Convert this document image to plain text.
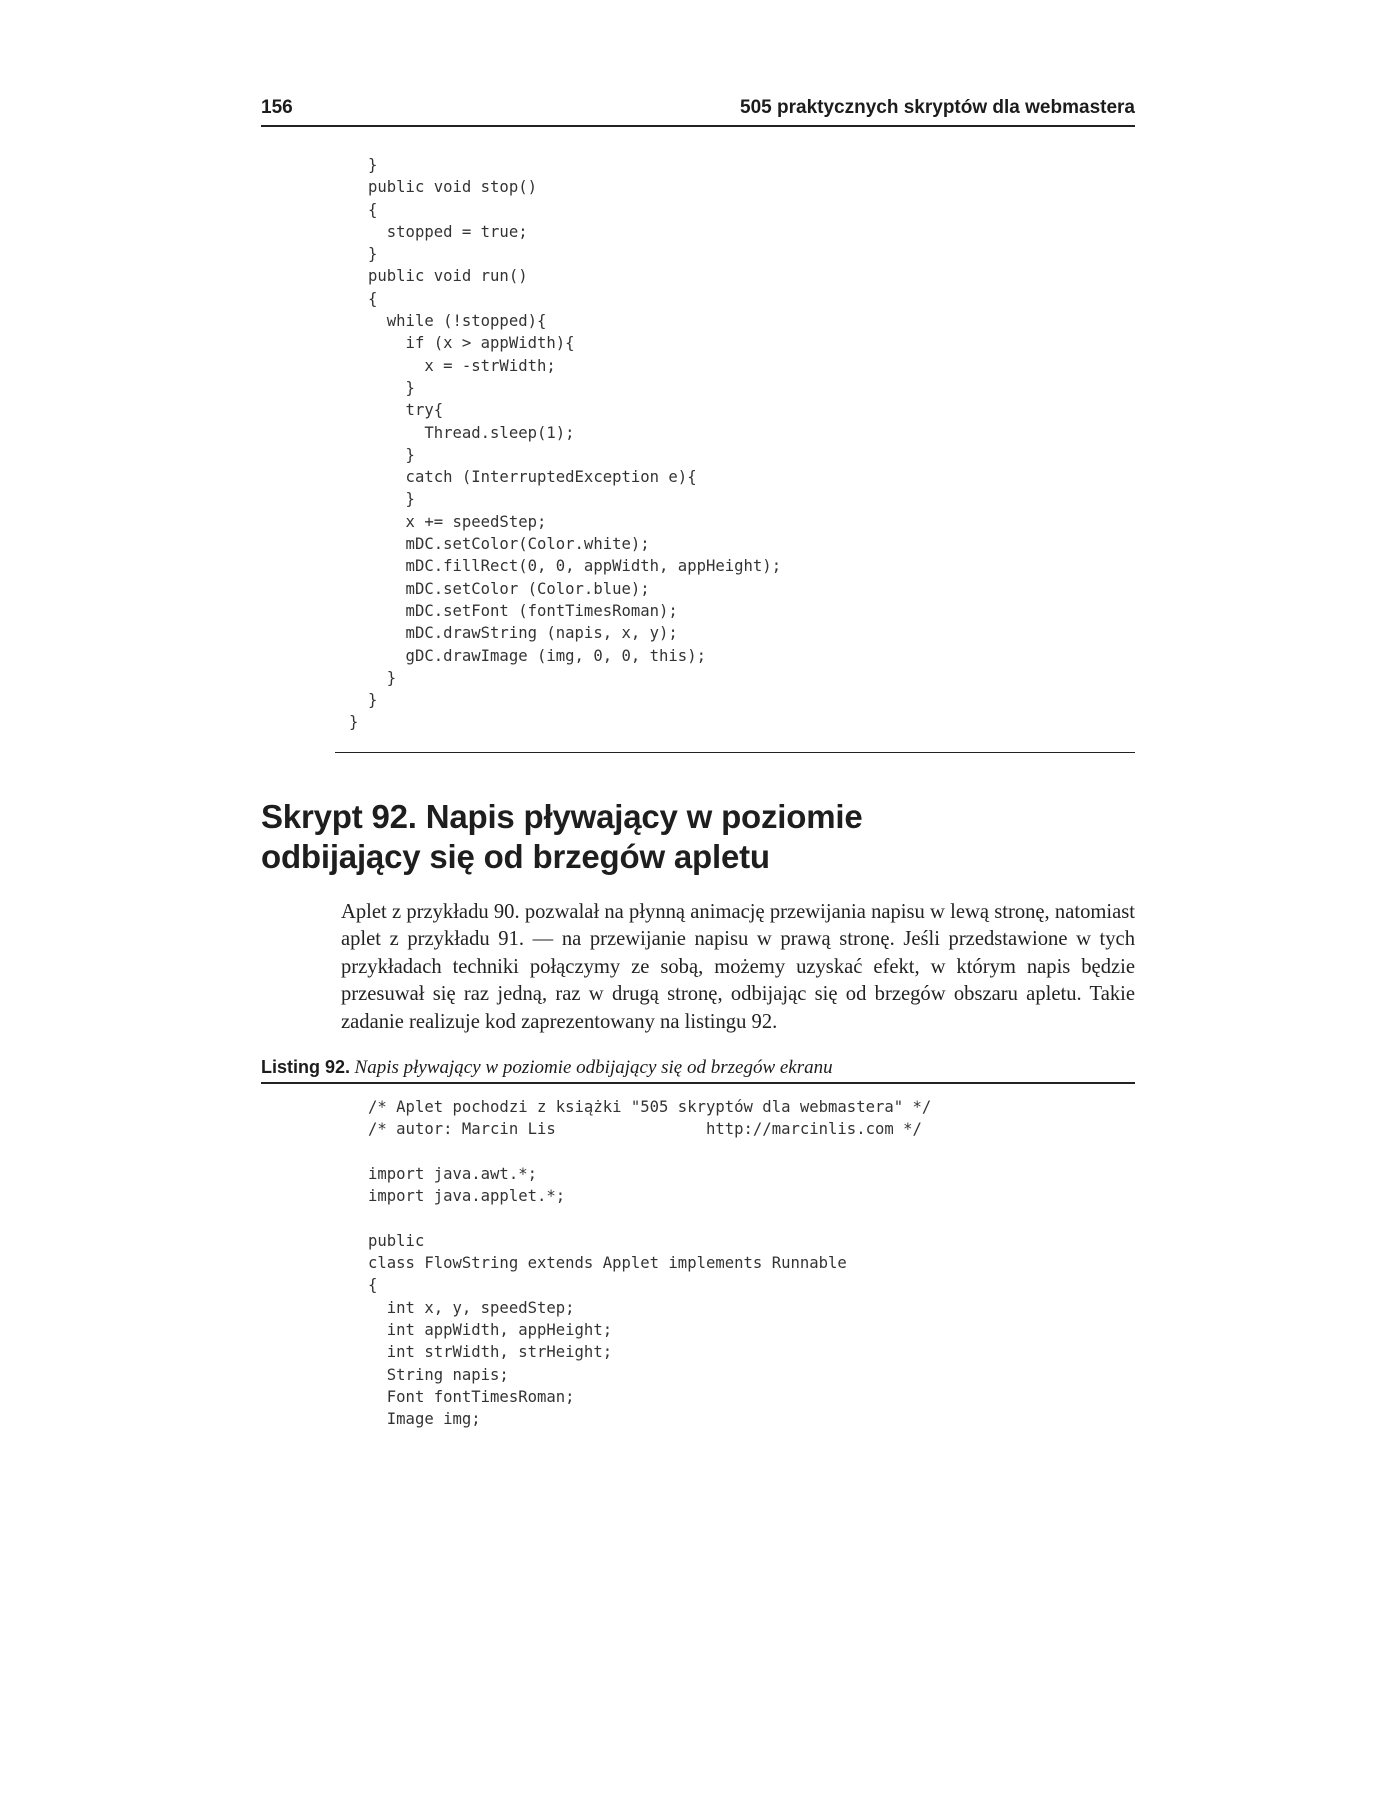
156	505 praktycznych skryptów dla webmastera
}
public void stop()
{
stopped = true;
}
public void run()
{
while (!stopped){
if (x > appWidth){
x = -strWidth;
}
try{
Thread.sleep(1);
}
catch (InterruptedException e){
}
x += speedStep;
mDC.setColor(Color.white);
mDC.fillRect(0, 0, appWidth, appHeight);
mDC.setColor (Color.blue);
mDC.setFont (fontTimesRoman);
mDC.drawString (napis, x, y);
gDC.drawImage (img, 0, 0, this);
}
}
}
Skrypt 92. Napis pływający w poziomie
odbijający się od brzegów apletu

Aplet z przykładu 90. pozwalał na płynną animację przewijania napisu w lewą stronę, natomiast aplet z przykładu 91. — na przewijanie napisu w prawą stronę. Jeśli przedstawione w tych przykładach techniki połączymy ze sobą, możemy uzyskać efekt, w którym napis będzie przesuwał się raz jedną, raz w drugą stronę, odbijając się od brzegów obszaru apletu. Takie zadanie realizuje kod zaprezentowany na listingu 92.

Listing 92. Napis pływający w poziomie odbijający się od brzegów ekranu
/* Aplet pochodzi z książki "505 skryptów dla webmastera" */
/* autor: Marcin Lis                http://marcinlis.com */

import java.awt.*;
import java.applet.*;

public
class FlowString extends Applet implements Runnable
{
int x, y, speedStep;
int appWidth, appHeight;
int strWidth, strHeight;
String napis;
Font fontTimesRoman;
Image img;
